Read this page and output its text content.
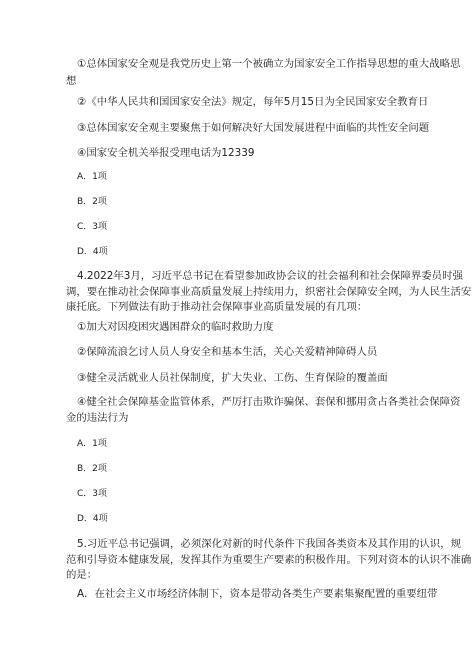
①总体国家安全观是我党历史上第一个被确立为国家安全工作指导思想的重大战略思
想
②《中华人民共和国国家安全法》规定，每年5月15日为全民国家安全教育日
③总体国家安全观主要聚焦于如何解决好大国发展进程中面临的共性安全问题
④国家安全机关举报受理电话为12339
A．1项
B．2项
C．3项
D．4项
4.2022年3月，习近平总书记在看望参加政协会议的社会福利和社会保障界委员时强
调，要在推动社会保障事业高质量发展上持续用力，织密社会保障安全网，为人民生活安
康托底。下列做法有助于推动社会保障事业高质量发展的有几项：
①加大对因疫困灾遇困群众的临时救助力度
②保障流浪乞讨人员人身安全和基本生活，关心关爱精神障碍人员
③健全灵活就业人员社保制度，扩大失业、工伤、生育保险的覆盖面
④健全社会保障基金监管体系，严厉打击欺诈骗保、套保和挪用贪占各类社会保障资
金的违法行为
A．1项
B．2项
C．3项
D．4项
5.习近平总书记强调，必须深化对新的时代条件下我国各类资本及其作用的认识，规
范和引导资本健康发展，发挥其作为重要生产要素的积极作用。下列对资本的认识不准确
的是：
A．在社会主义市场经济体制下，资本是带动各类生产要素集聚配置的重要纽带
